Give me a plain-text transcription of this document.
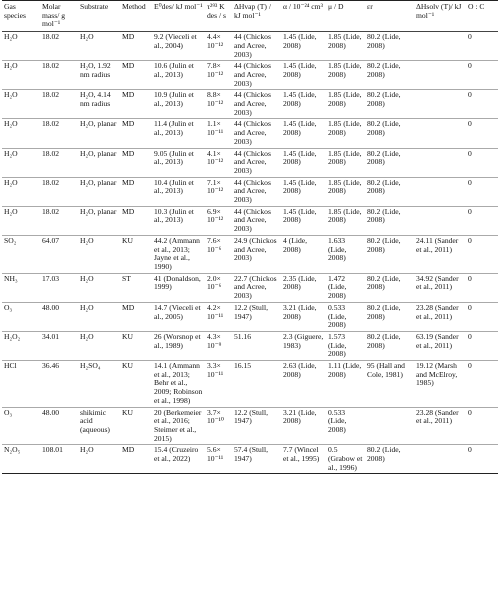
Gas species	Molar mass/ g mol⁻¹	Substrate	Method	E⁰des/ kJ mol⁻¹	τ²⁹³ K des / s	ΔHvap (T) / kJ mol⁻¹	α / 10⁻²⁴ cm³	μ / D	εr	ΔHsolv (T)/ kJ mol⁻¹	O : C
H₂O	18.02	H₂O	MD	9.2 (Vieceli et al., 2004)	4.4× 10⁻¹²	44 (Chickos and Acree, 2003)	1.45 (Lide, 2008)	1.85 (Lide, 2008)	80.2 (Lide, 2008)		0
H₂O	18.02	H₂O, 1.92 nm radius	MD	10.6 (Julin et al., 2013)	7.8× 10⁻¹²	44 (Chickos and Acree, 2003)	1.45 (Lide, 2008)	1.85 (Lide, 2008)	80.2 (Lide, 2008)		0
H₂O	18.02	H₂O, 4.14 nm radius	MD	10.9 (Julin et al., 2013)	8.8× 10⁻¹²	44 (Chickos and Acree, 2003)	1.45 (Lide, 2008)	1.85 (Lide, 2008)	80.2 (Lide, 2008)		0
H₂O	18.02	H₂O, planar	MD	11.4 (Julin et al., 2013)	1.1× 10⁻¹¹	44 (Chickos and Acree, 2003)	1.45 (Lide, 2008)	1.85 (Lide, 2008)	80.2 (Lide, 2008)		0
H₂O	18.02	H₂O, planar	MD	9.05 (Julin et al., 2013)	4.1× 10⁻¹²	44 (Chickos and Acree, 2003)	1.45 (Lide, 2008)	1.85 (Lide, 2008)	80.2 (Lide, 2008)		0
H₂O	18.02	H₂O, planar	MD	10.4 (Julin et al., 2013)	7.1× 10⁻¹²	44 (Chickos and Acree, 2003)	1.45 (Lide, 2008)	1.85 (Lide, 2008)	80.2 (Lide, 2008)		0
H₂O	18.02	H₂O, planar	MD	10.3 (Julin et al., 2013)	6.9× 10⁻¹²	44 (Chickos and Acree, 2003)	1.45 (Lide, 2008)	1.85 (Lide, 2008)	80.2 (Lide, 2008)		0
SO₂	64.07	H₂O	KU	44.2 (Ammann et al., 2013; Jayne et al., 1990)	7.6× 10⁻⁶	24.9 (Chickos and Acree, 2003)	4 (Lide, 2008)	1.633 (Lide, 2008)	80.2 (Lide, 2008)	24.11 (Sander et al., 2011)	0
NH₃	17.03	H₂O	ST	41 (Donaldson, 1999)	2.0× 10⁻⁶	22.7 (Chickos and Acree, 2003)	2.35 (Lide, 2008)	1.472 (Lide, 2008)	80.2 (Lide, 2008)	34.92 (Sander et al., 2011)	0
O₃	48.00	H₂O	MD	14.7 (Vieceli et al., 2005)	4.2× 10⁻¹¹	12.2 (Stull, 1947)	3.21 (Lide, 2008)	0.533 (Lide, 2008)	80.2 (Lide, 2008)	23.28 (Sander et al., 2011)	0
H₂O₂	34.01	H₂O	KU	26 (Worsnop et al., 1989)	4.3× 10⁻⁹	51.16	2.3 (Giguere, 1983)	1.573 (Lide, 2008)	80.2 (Lide, 2008)	63.19 (Sander et al., 2011)	0
HCl	36.46	H₂SO₄	KU	14.1 (Ammann et al., 2013; Behr et al., 2009; Robinson et al., 1998)	3.3× 10⁻¹¹	16.15	2.63 (Lide, 2008)	1.11 (Lide, 2008)	95 (Hall and Cole, 1981)	19.12 (Marsh and McElroy, 1985)	0
O₃	48.00	shikimic acid (aqueous)	KU	20 (Berkemeier et al., 2016; Steimer et al., 2015)	3.7× 10⁻¹⁰	12.2 (Stull, 1947)	3.21 (Lide, 2008)	0.533 (Lide, 2008)		23.28 (Sander et al., 2011)	0
N₂O₅	108.01	H₂O	MD	15.4 (Cruzeiro et al., 2022)	5.6× 10⁻¹¹	57.4 (Stull, 1947)	7.7 (Wincel et al., 1995)	0.5 (Grabow et al., 1996)	80.2 (Lide, 2008)		0
